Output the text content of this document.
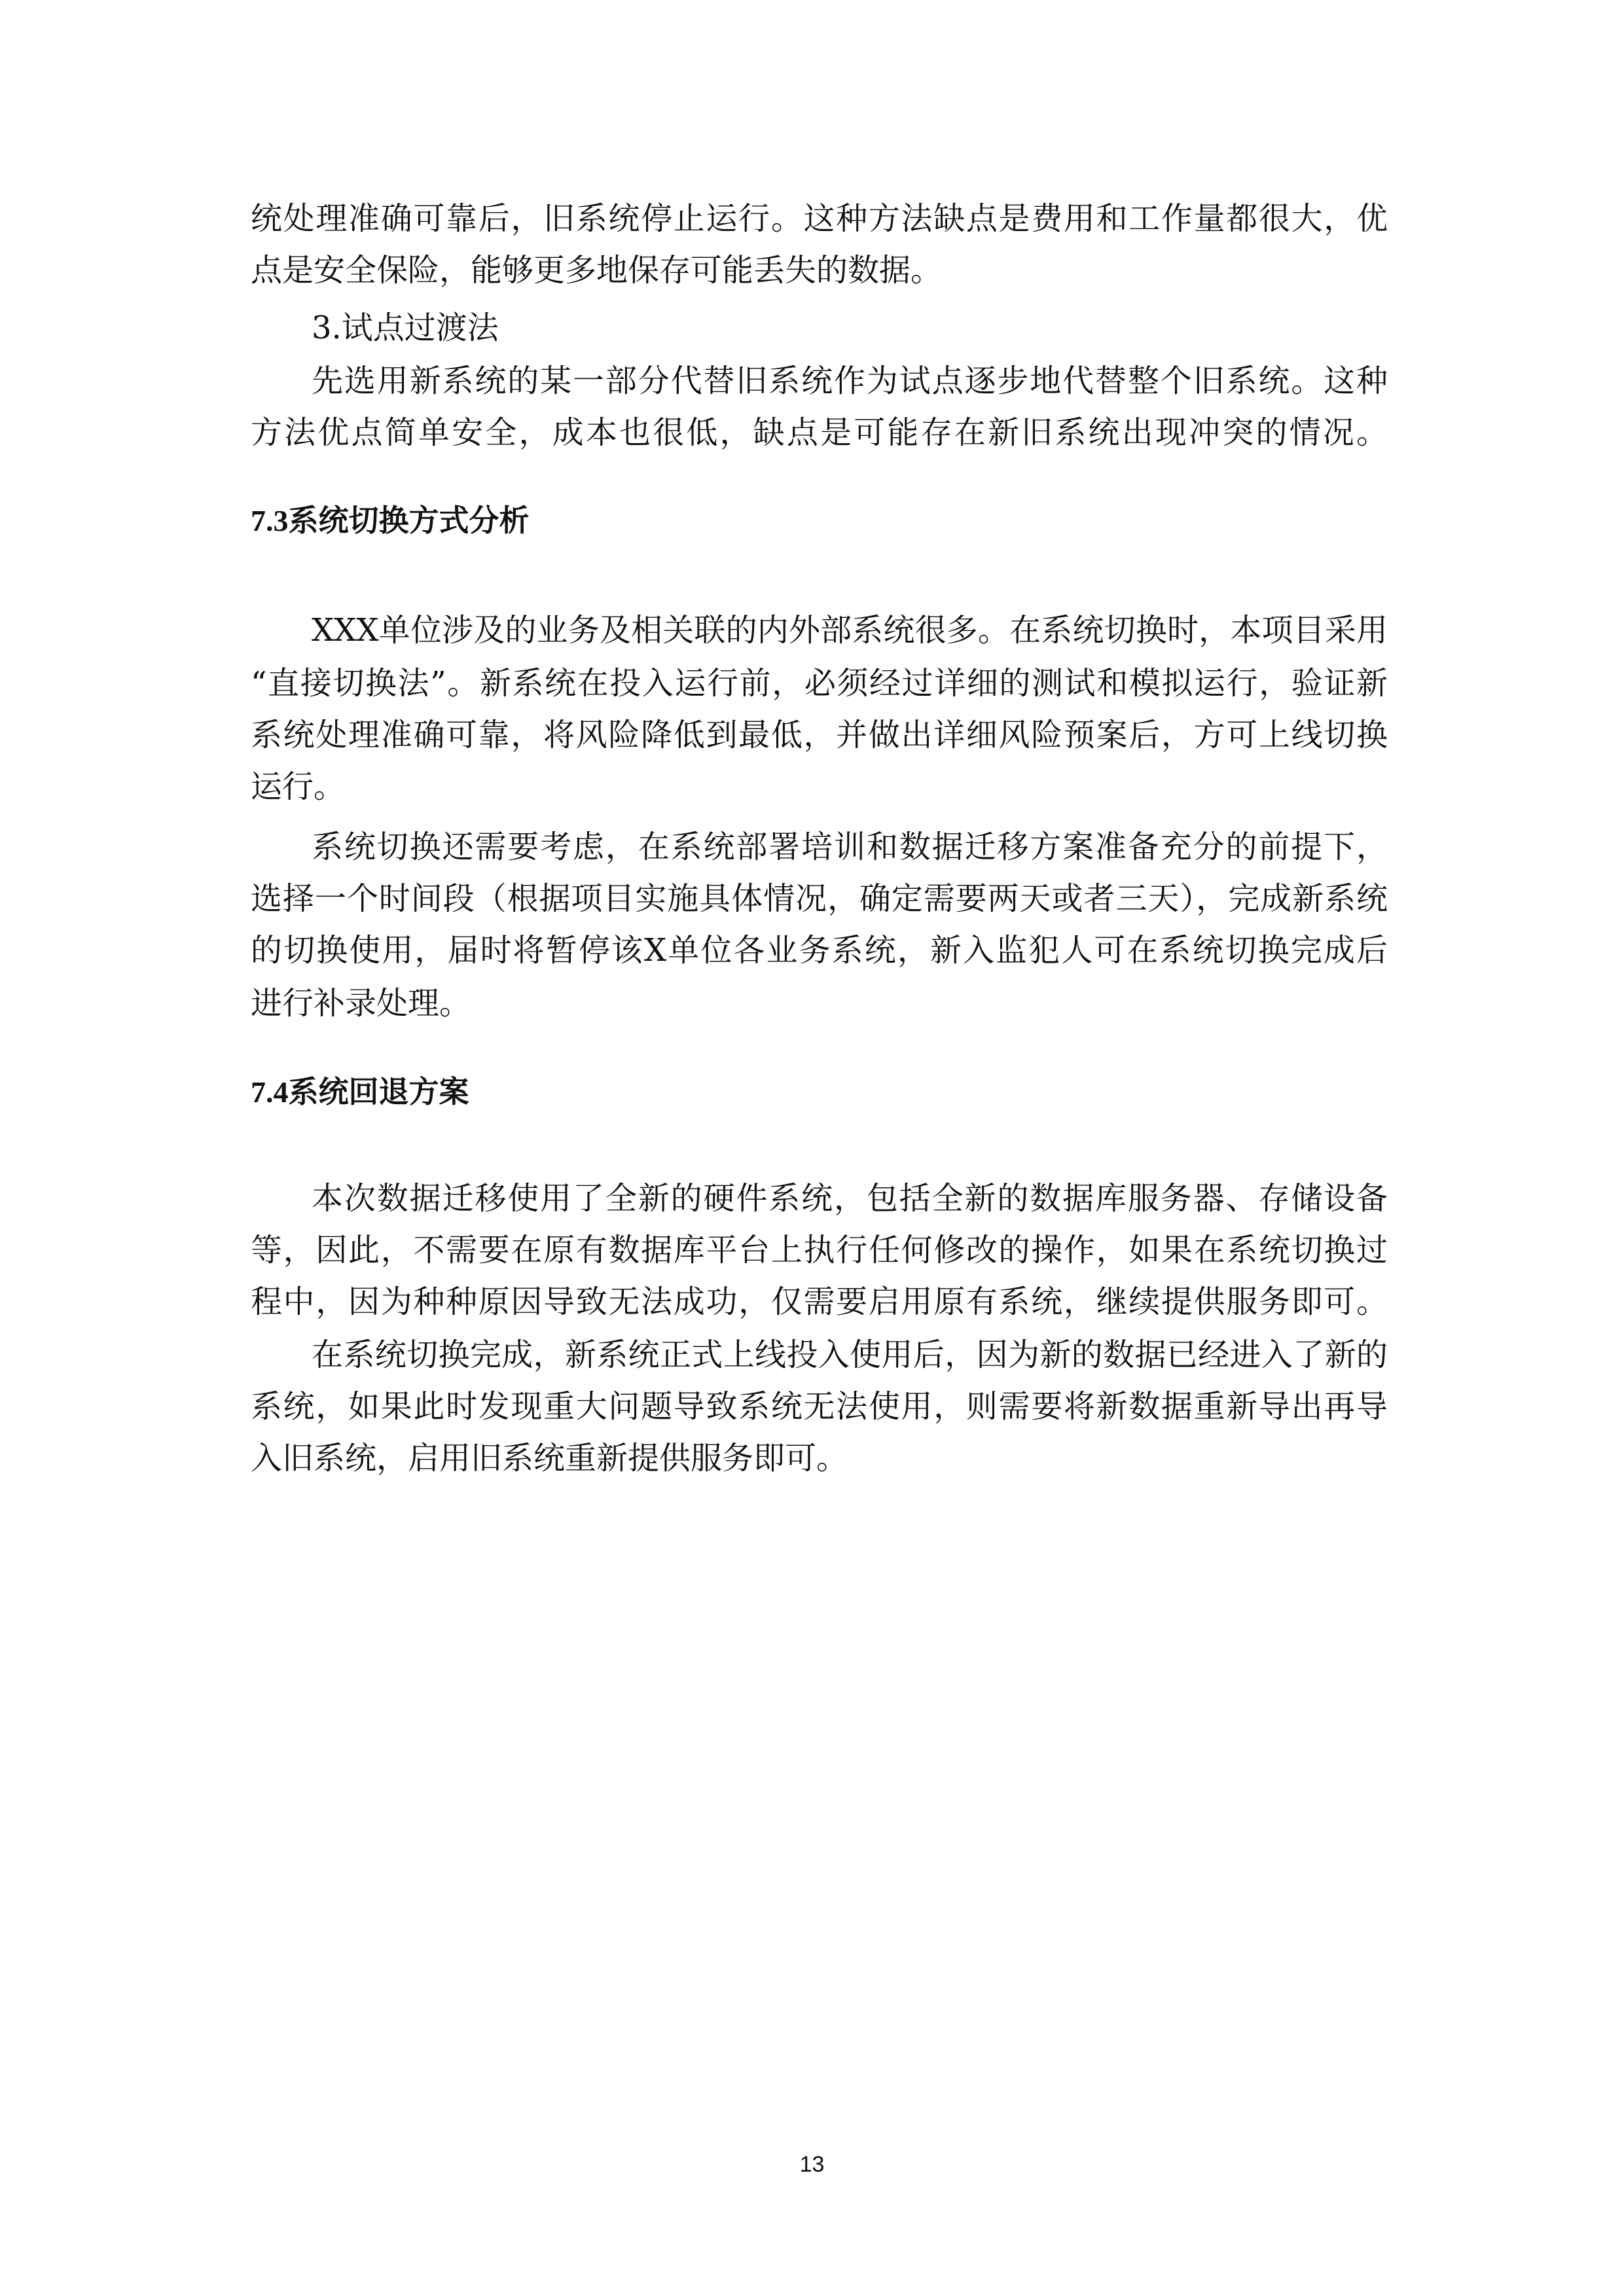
统处理准确可靠后，旧系统停止运行。这种方法缺点是费用和工作量都很大，优
点是安全保险，能够更多地保存可能丢失的数据。
3.试点过渡法
先选用新系统的某一部分代替旧系统作为试点逐步地代替整个旧系统。这种
方法优点简单安全，成本也很低，缺点是可能存在新旧系统出现冲突的情况。
7.3系统切换方式分析
XXX单位涉及的业务及相关联的内外部系统很多。在系统切换时，本项目采用
“直接切换法”。新系统在投入运行前，必须经过详细的测试和模拟运行，验证新
系统处理准确可靠，将风险降低到最低，并做出详细风险预案后，方可上线切换
运行。
系统切换还需要考虑，在系统部署培训和数据迁移方案准备充分的前提下，
选择一个时间段（根据项目实施具体情况，确定需要两天或者三天），完成新系统
的切换使用，届时将暂停该X单位各业务系统，新入监犯人可在系统切换完成后
进行补录处理。
7.4系统回退方案
本次数据迁移使用了全新的硬件系统，包括全新的数据库服务器、存储设备
等，因此，不需要在原有数据库平台上执行任何修改的操作，如果在系统切换过
程中，因为种种原因导致无法成功，仅需要启用原有系统，继续提供服务即可。
在系统切换完成，新系统正式上线投入使用后，因为新的数据已经进入了新的
系统，如果此时发现重大问题导致系统无法使用，则需要将新数据重新导出再导
入旧系统，启用旧系统重新提供服务即可。
13
